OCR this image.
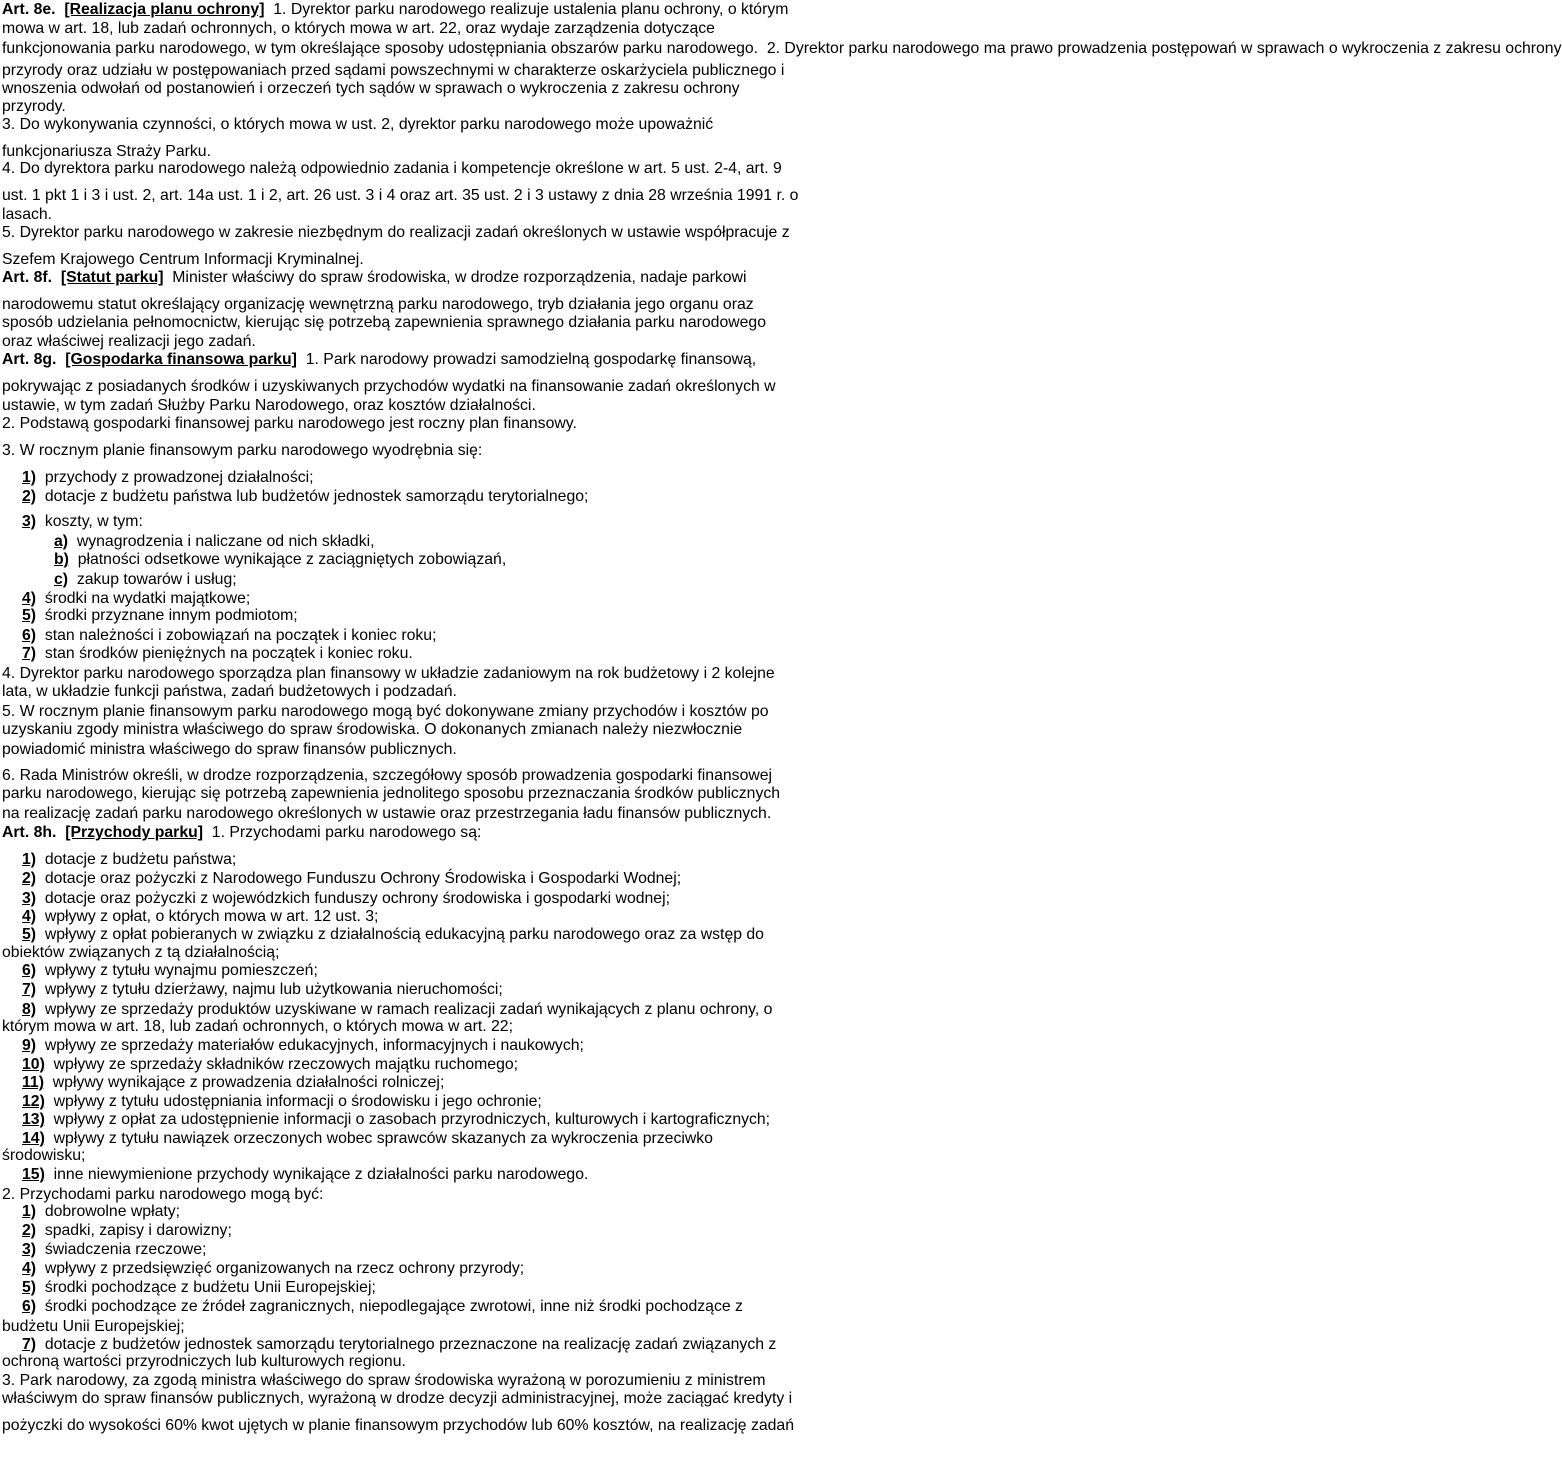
Art. 8e. [Realizacja planu ochrony]  1. Dyrektor parku narodowego realizuje ustalenia planu ochrony, o którym
mowa w art. 18, lub zadań ochronnych, o których mowa w art. 22, oraz wydaje zarządzenia dotyczące
funkcjonowania parku narodowego, w tym określające sposoby udostępniania obszarów parku narodowego.  2. Dyrektor parku narodowego ma prawo prowadzenia postępowań w sprawach o wykroczenia z zakresu ochrony
przyrody oraz udziału w postępowaniach przed sądami powszechnymi w charakterze oskarżyciela publicznego i
wnoszenia odwołań od postanowień i orzeczeń tych sądów w sprawach o wykroczenia z zakresu ochrony
przyrody.
3. Do wykonywania czynności, o których mowa w ust. 2, dyrektor parku narodowego może upoważnić
funkcjonariusza Straży Parku.
4. Do dyrektora parku narodowego należą odpowiednio zadania i kompetencje określone w art. 5 ust. 2-4, art. 9
ust. 1 pkt 1 i 3 i ust. 2, art. 14a ust. 1 i 2, art. 26 ust. 3 i 4 oraz art. 35 ust. 2 i 3 ustawy z dnia 28 września 1991 r. o
lasach.
5. Dyrektor parku narodowego w zakresie niezbędnym do realizacji zadań określonych w ustawie współpracuje z
Szefem Krajowego Centrum Informacji Kryminalnej.
Art. 8f. [Statut parku]  Minister właściwy do spraw środowiska, w drodze rozporządzenia, nadaje parkowi
narodowemu statut określający organizację wewnętrzną parku narodowego, tryb działania jego organu oraz
sposób udzielania pełnomocnictw, kierując się potrzebą zapewnienia sprawnego działania parku narodowego
oraz właściwej realizacji jego zadań.
Art. 8g. [Gospodarka finansowa parku]  1. Park narodowy prowadzi samodzielną gospodarkę finansową,
pokrywając z posiadanych środków i uzyskiwanych przychodów wydatki na finansowanie zadań określonych w
ustawie, w tym zadań Służby Parku Narodowego, oraz kosztów działalności.
2. Podstawą gospodarki finansowej parku narodowego jest roczny plan finansowy.
3. W rocznym planie finansowym parku narodowego wyodrębnia się:
1)  przychody z prowadzonej działalności;
2)  dotacje z budżetu państwa lub budżetów jednostek samorządu terytorialnego;
3)  koszty, w tym:
a)  wynagrodzenia i naliczane od nich składki,
b)  płatności odsetkowe wynikające z zaciągniętych zobowiązań,
c)  zakup towarów i usług;
4)  środki na wydatki majątkowe;
5)  środki przyznane innym podmiotom;
6)  stan należności i zobowiązań na początek i koniec roku;
7)  stan środków pieniężnych na początek i koniec roku.
4. Dyrektor parku narodowego sporządza plan finansowy w układzie zadaniowym na rok budżetowy i 2 kolejne
lata, w układzie funkcji państwa, zadań budżetowych i podzadań.
5. W rocznym planie finansowym parku narodowego mogą być dokonywane zmiany przychodów i kosztów po
uzyskaniu zgody ministra właściwego do spraw środowiska. O dokonanych zmianach należy niezwłocznie
powiadomić ministra właściwego do spraw finansów publicznych.
6. Rada Ministrów określi, w drodze rozporządzenia, szczegółowy sposób prowadzenia gospodarki finansowej
parku narodowego, kierując się potrzebą zapewnienia jednolitego sposobu przeznaczania środków publicznych
na realizację zadań parku narodowego określonych w ustawie oraz przestrzegania ładu finansów publicznych.
Art. 8h. [Przychody parku]  1. Przychodami parku narodowego są:
1)  dotacje z budżetu państwa;
2)  dotacje oraz pożyczki z Narodowego Funduszu Ochrony Środowiska i Gospodarki Wodnej;
3)  dotacje oraz pożyczki z wojewódzkich funduszy ochrony środowiska i gospodarki wodnej;
4)  wpływy z opłat, o których mowa w art. 12 ust. 3;
5)  wpływy z opłat pobieranych w związku z działalnością edukacyjną parku narodowego oraz za wstęp do
obiektów związanych z tą działalnością;
6)  wpływy z tytułu wynajmu pomieszczeń;
7)  wpływy z tytułu dzierżawy, najmu lub użytkowania nieruchomości;
8)  wpływy ze sprzedaży produktów uzyskiwane w ramach realizacji zadań wynikających z planu ochrony, o
którym mowa w art. 18, lub zadań ochronnych, o których mowa w art. 22;
9)  wpływy ze sprzedaży materiałów edukacyjnych, informacyjnych i naukowych;
10)  wpływy ze sprzedaży składników rzeczowych majątku ruchomego;
11)  wpływy wynikające z prowadzenia działalności rolniczej;
12)  wpływy z tytułu udostępniania informacji o środowisku i jego ochronie;
13)  wpływy z opłat za udostępnienie informacji o zasobach przyrodniczych, kulturowych i kartograficznych;
14)  wpływy z tytułu nawiązek orzeczonych wobec sprawców skazanych za wykroczenia przeciwko
środowisku;
15)  inne niewymienione przychody wynikające z działalności parku narodowego.
2. Przychodami parku narodowego mogą być:
1)  dobrowolne wpłaty;
2)  spadki, zapisy i darowizny;
3)  świadczenia rzeczowe;
4)  wpływy z przedsięwzięć organizowanych na rzecz ochrony przyrody;
5)  środki pochodzące z budżetu Unii Europejskiej;
6)  środki pochodzące ze źródeł zagranicznych, niepodlegające zwrotowi, inne niż środki pochodzące z
budżetu Unii Europejskiej;
7)  dotacje z budżetów jednostek samorządu terytorialnego przeznaczone na realizację zadań związanych z
ochroną wartości przyrodniczych lub kulturowych regionu.
3. Park narodowy, za zgodą ministra właściwego do spraw środowiska wyrażoną w porozumieniu z ministrem
właściwym do spraw finansów publicznych, wyrażoną w drodze decyzji administracyjnej, może zaciągać kredyty i
pożyczki do wysokości 60% kwot ujętych w planie finansowym przychodów lub 60% kosztów, na realizację zadań
